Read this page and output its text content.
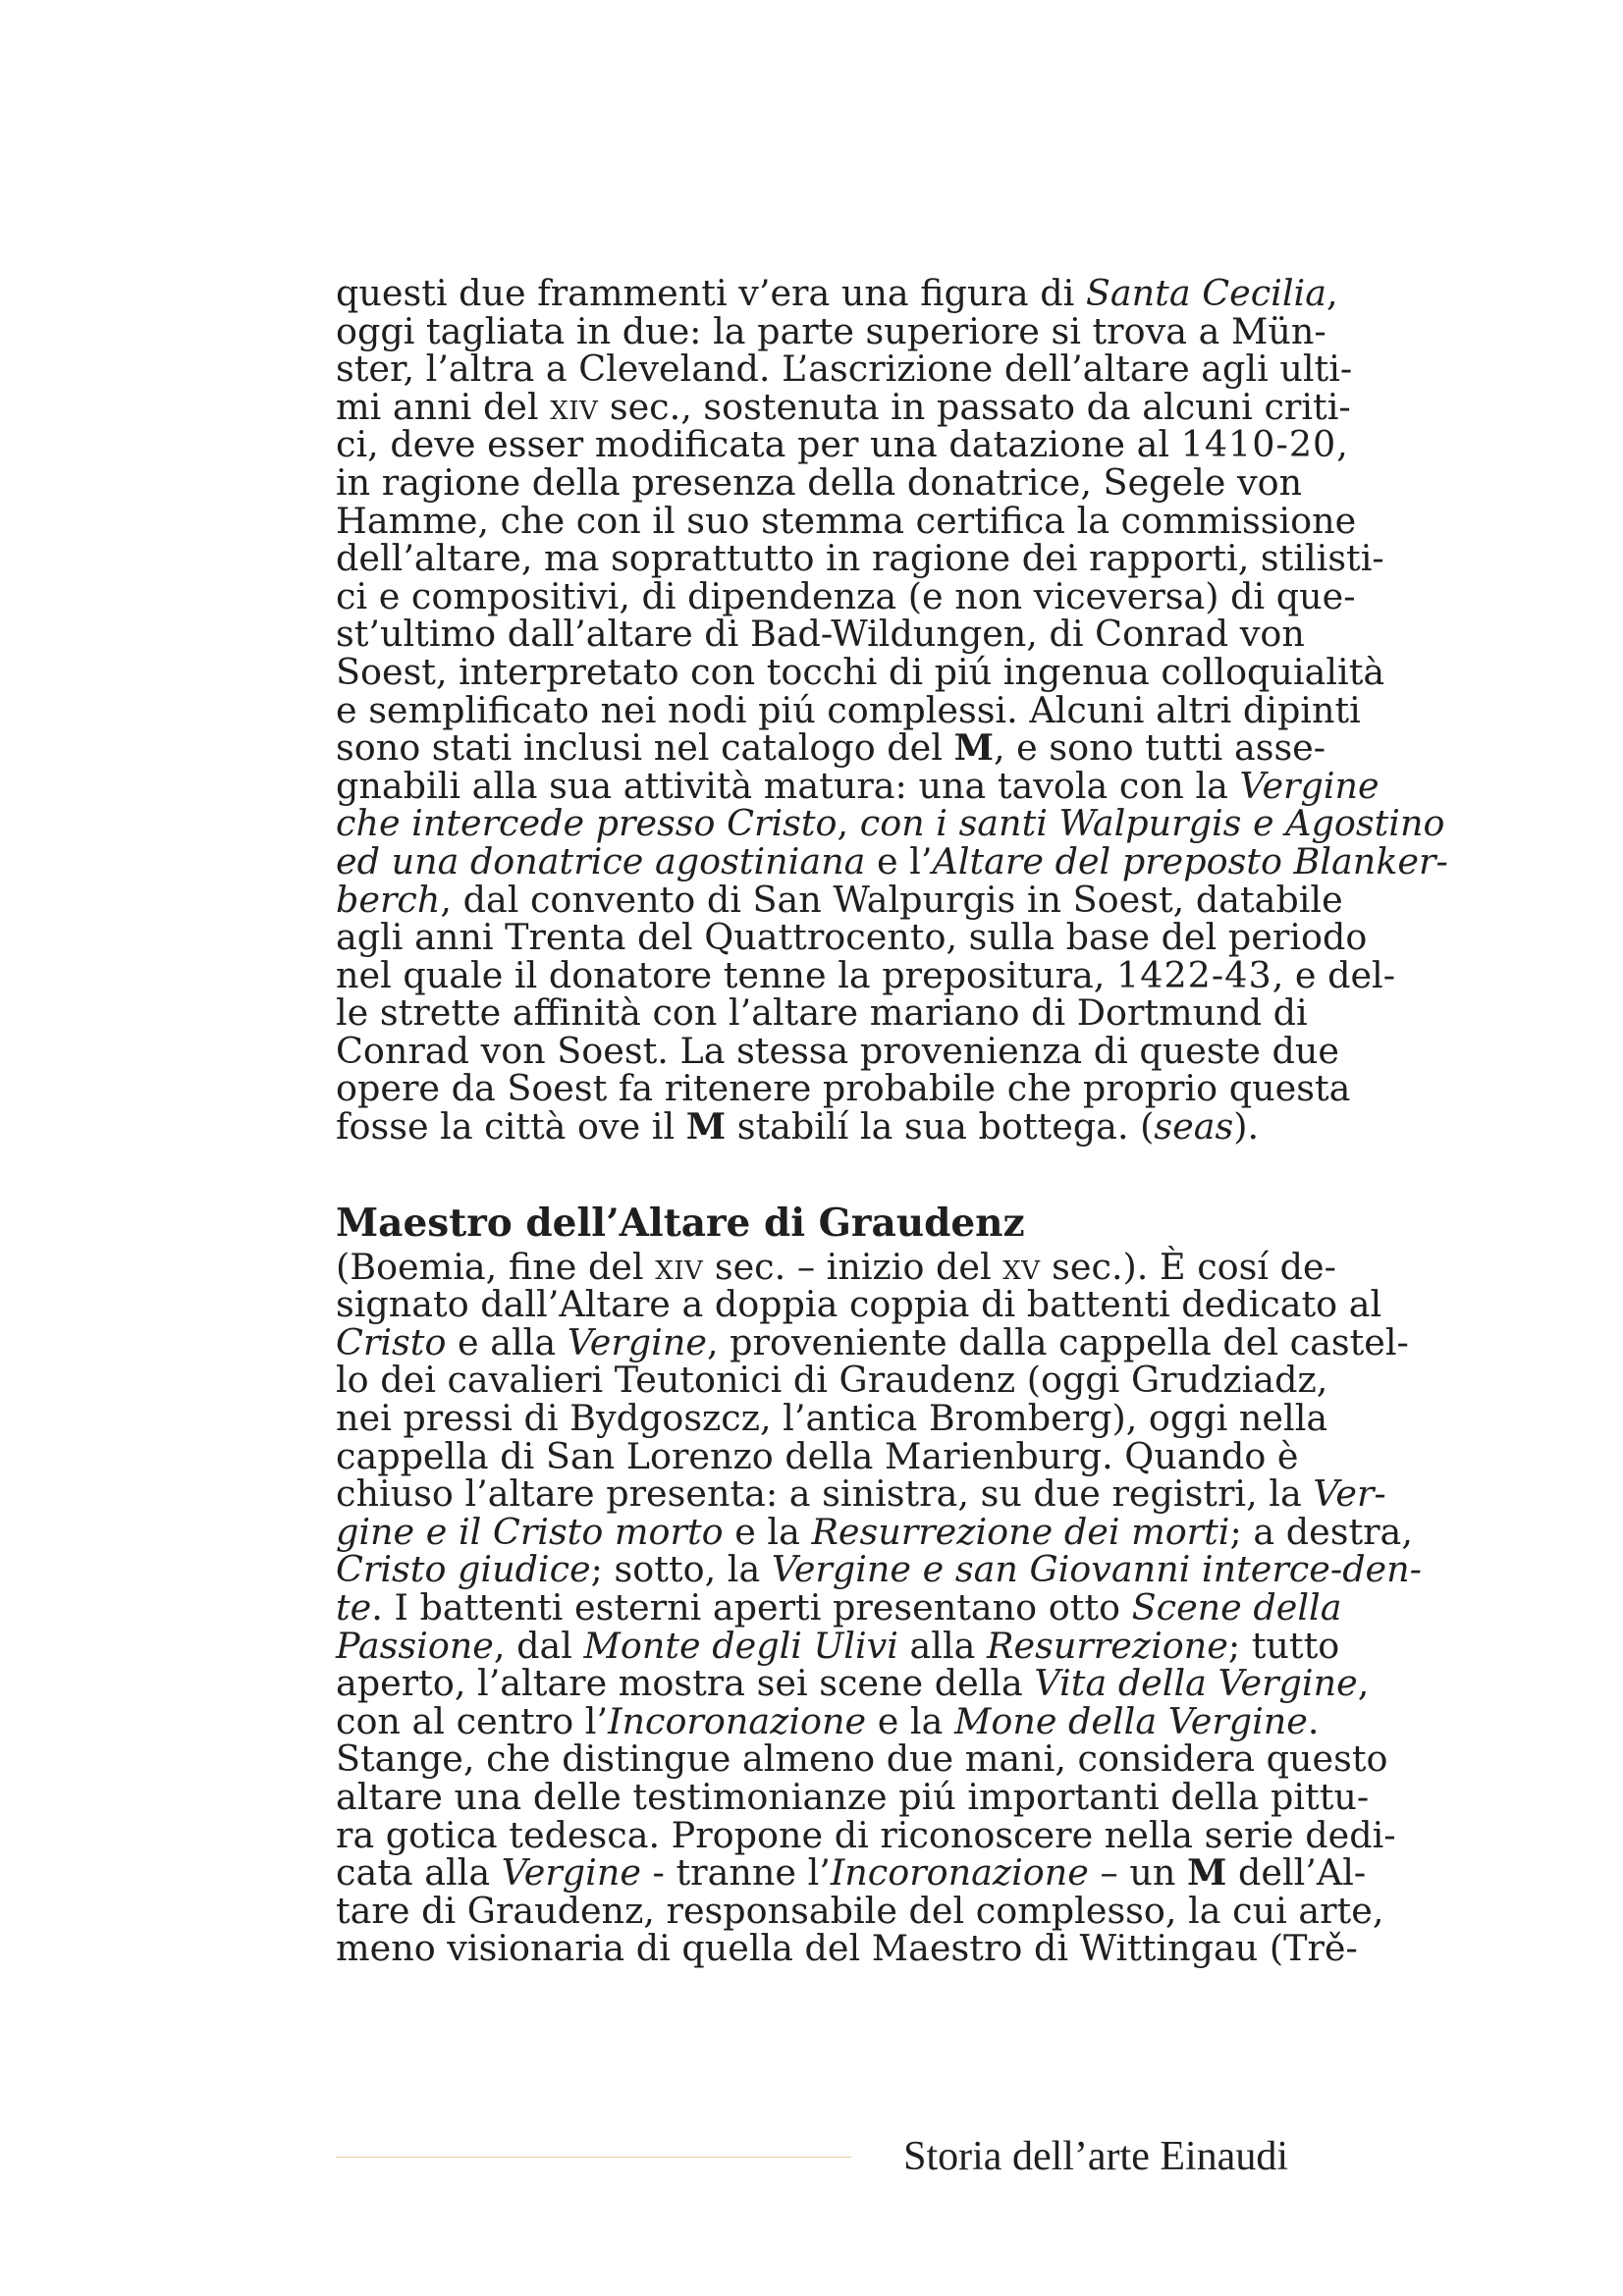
questi due frammenti v’era una figura di Santa Cecilia,
oggi tagliata in due: la parte superiore si trova a Mün-
ster, l’altra a Cleveland. L’ascrizione dell’altare agli ulti-
mi anni del xiv sec., sostenuta in passato da alcuni criti-
ci, deve esser modificata per una datazione al 1410-20,
in ragione della presenza della donatrice, Segele von
Hamme, che con il suo stemma certifica la commissione
dell’altare, ma soprattutto in ragione dei rapporti, stilisti-
ci e compositivi, di dipendenza (e non viceversa) di que-
st’ultimo dall’altare di Bad-Wildungen, di Conrad von
Soest, interpretato con tocchi di piú ingenua colloquialità
e semplificato nei nodi piú complessi. Alcuni altri dipinti
sono stati inclusi nel catalogo del M, e sono tutti asse-
gnabili alla sua attività matura: una tavola con la Vergine
che intercede presso Cristo, con i santi Walpurgis e Agostino
ed una donatrice agostiniana e l’Altare del preposto Blanker-
berch, dal convento di San Walpurgis in Soest, databile
agli anni Trenta del Quattrocento, sulla base del periodo
nel quale il donatore tenne la prepositura, 1422-43, e del-
le strette affinità con l’altare mariano di Dortmund di
Conrad von Soest. La stessa provenienza di queste due
opere da Soest fa ritenere probabile che proprio questa
fosse la città ove il M stabilí la sua bottega. (seas).
Maestro dell’Altare di Graudenz
(Boemia, fine del xiv sec. – inizio del xv sec.). È cosí de-
signato dall’Altare a doppia coppia di battenti dedicato al
Cristo e alla Vergine, proveniente dalla cappella del castel-
lo dei cavalieri Teutonici di Graudenz (oggi Grudziadz,
nei pressi di Bydgoszcz, l’antica Bromberg), oggi nella
cappella di San Lorenzo della Marienburg. Quando è
chiuso l’altare presenta: a sinistra, su due registri, la Ver-
gine e il Cristo morto e la Resurrezione dei morti; a destra,
Cristo giudice; sotto, la Vergine e san Giovanni interce-den-
te. I battenti esterni aperti presentano otto Scene della
Passione, dal Monte degli Ulivi alla Resurrezione; tutto
aperto, l’altare mostra sei scene della Vita della Vergine,
con al centro l’Incoronazione e la Mone della Vergine.
Stange, che distingue almeno due mani, considera questo
altare una delle testimonianze piú importanti della pittu-
ra gotica tedesca. Propone di riconoscere nella serie dedi-
cata alla Vergine - tranne l’Incoronazione – un M dell’Al-
tare di Graudenz, responsabile del complesso, la cui arte,
meno visionaria di quella del Maestro di Wittingau (Trě-
Storia dell’arte Einaudi
